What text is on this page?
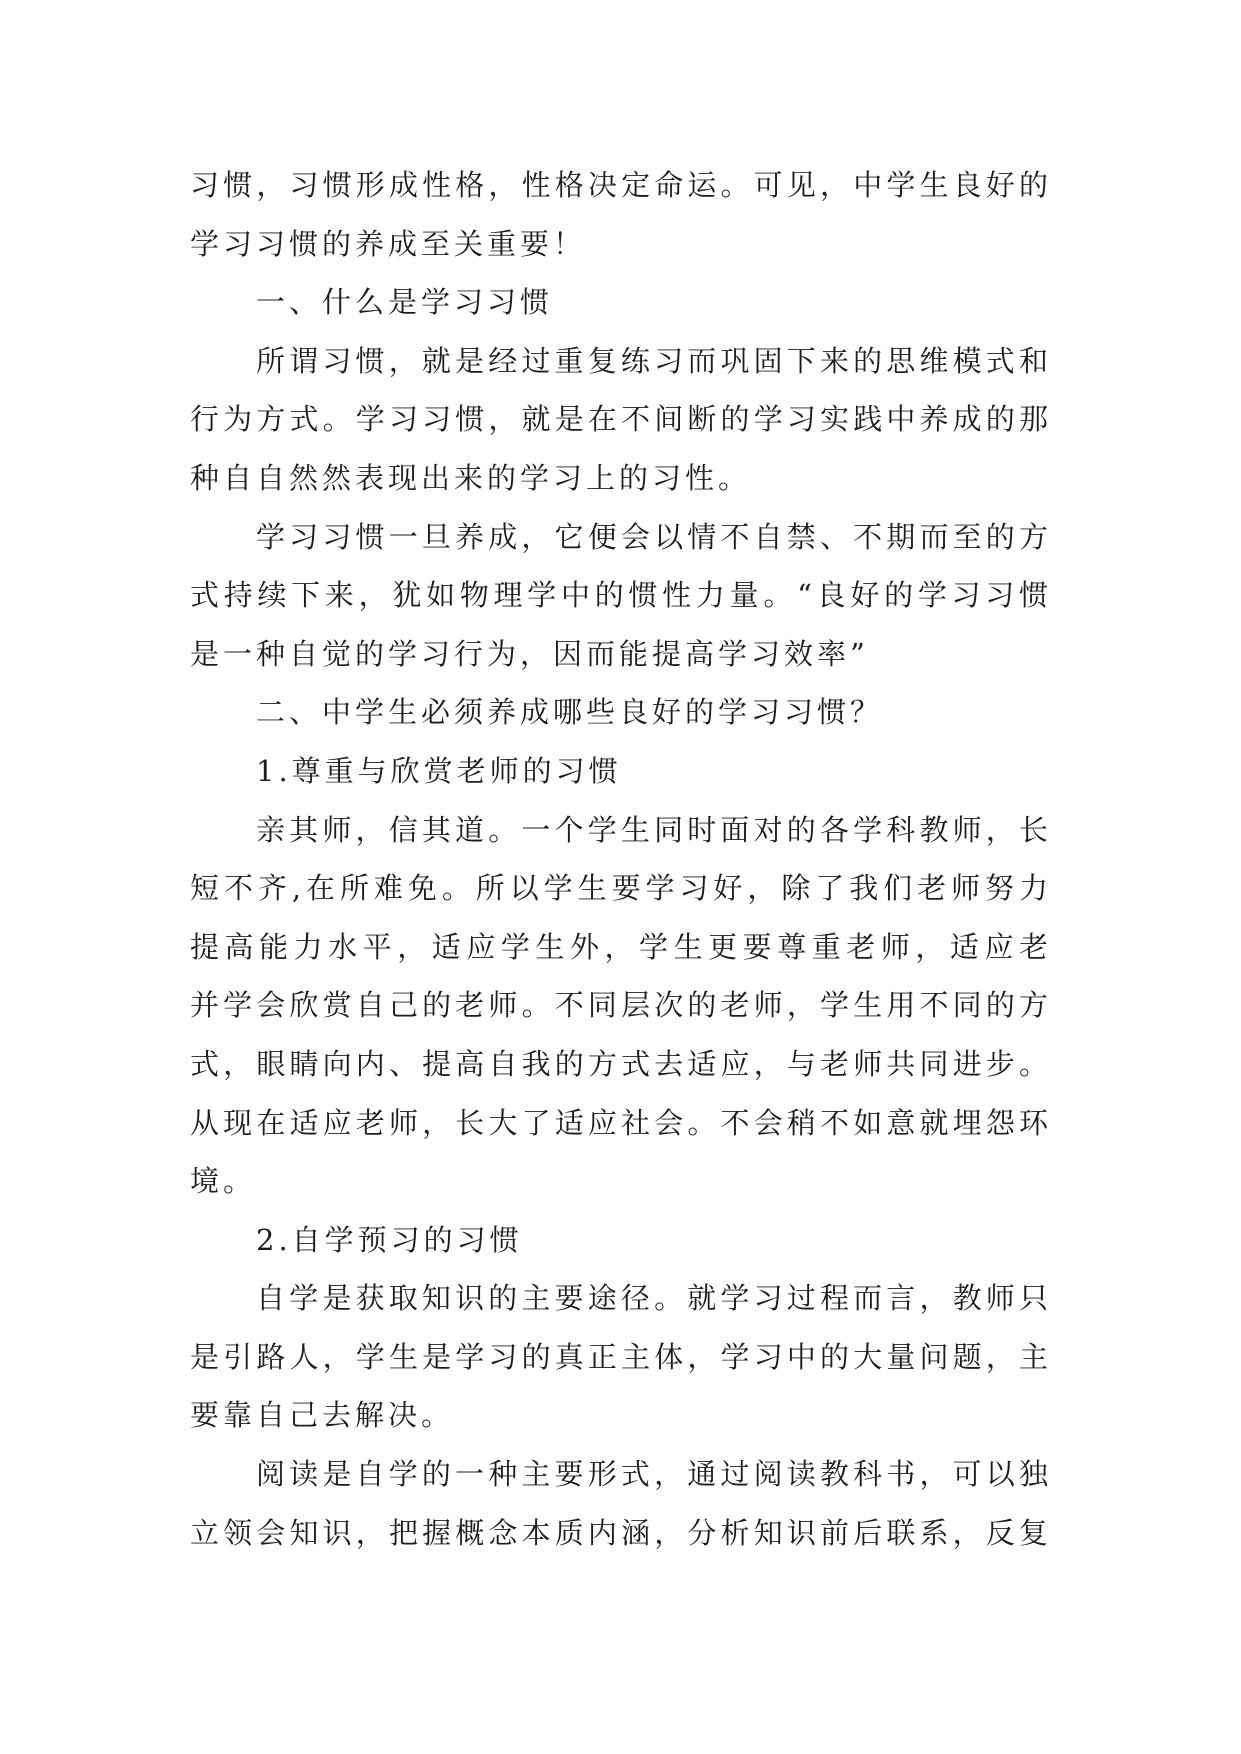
习惯，习惯形成性格，性格决定命运。可见，中学生良好的
学习习惯的养成至关重要！
一、什么是学习习惯
所谓习惯，就是经过重复练习而巩固下来的思维模式和
行为方式。学习习惯，就是在不间断的学习实践中养成的那
种自自然然表现出来的学习上的习性。
学习习惯一旦养成，它便会以情不自禁、不期而至的方
式持续下来，犹如物理学中的惯性力量。“良好的学习习惯
是一种自觉的学习行为，因而能提高学习效率”
二、中学生必须养成哪些良好的学习习惯？
1.尊重与欣赏老师的习惯
亲其师，信其道。一个学生同时面对的各学科教师，长
短不齐,在所难免。所以学生要学习好，除了我们老师努力
提高能力水平，适应学生外，学生更要尊重老师，适应老
并学会欣赏自己的老师。不同层次的老师，学生用不同的方
式，眼睛向内、提高自我的方式去适应，与老师共同进步。
从现在适应老师，长大了适应社会。不会稍不如意就埋怨环
境。
2.自学预习的习惯
自学是获取知识的主要途径。就学习过程而言，教师只
是引路人，学生是学习的真正主体，学习中的大量问题，主
要靠自己去解决。
阅读是自学的一种主要形式，通过阅读教科书，可以独
立领会知识，把握概念本质内涵，分析知识前后联系，反复
